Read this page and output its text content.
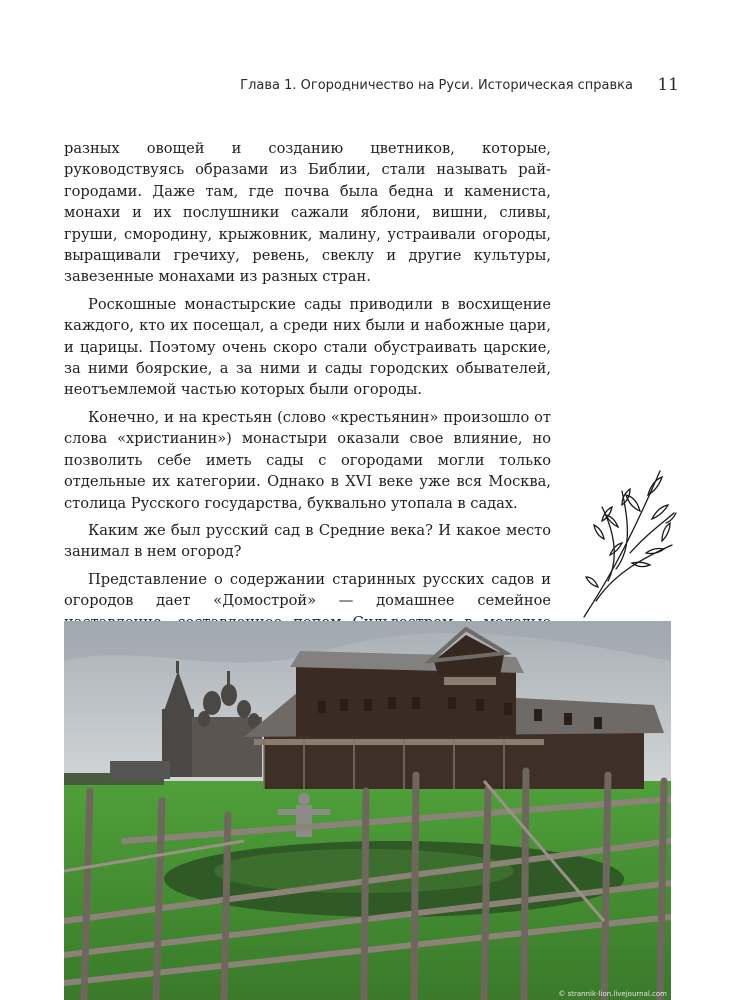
Глава 1. Огородничество на Руси. Историческая справка 11

разных овощей и созданию цветников, которые, руководствуясь образами из Библии, стали называть рай-городами. Даже там, где почва была бедна и камениста, монахи и их послушники сажали яблони, вишни, сливы, груши, смородину, крыжовник, малину, устраивали огороды, выращивали гречиху, ревень, свеклу и другие культуры, завезенные монахами из разных стран.

Роскошные монастырские сады приводили в восхищение каждого, кто их посещал, а среди них были и набожные цари, и царицы. Поэтому очень скоро стали обустраивать царские, за ними боярские, а за ними и сады городских обывателей, неотъемлемой частью которых были огороды.

Конечно, и на крестьян (слово «крестьянин» произошло от слова «христианин») монастыри оказали свое влияние, но позволить себе иметь сады с огородами могли только отдельные их категории. Однако в XVI веке уже вся Москва, столица Русского государства, буквально утопала в садах.

Каким же был русский сад в Средние века? И какое место занимал в нем огород?

Представление о содержании старинных русских садов и огородов дает «Домострой» — домашнее семейное

© strannik-lion.livejournal.com
